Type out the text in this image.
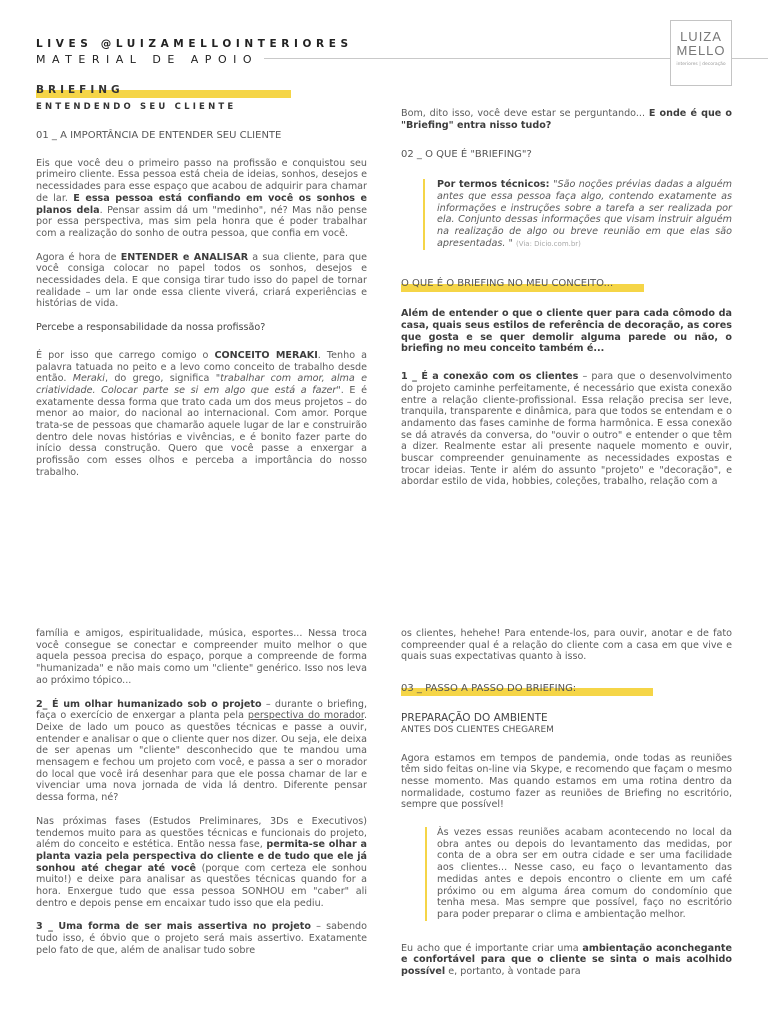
LIVES @LUIZAMELLOINTERIORES
MATERIAL DE APOIO
LUIZA
MELLO
interiores | decoração
BRIEFING
ENTENDENDO SEU CLIENTE

01 _ A IMPORTÂNCIA DE ENTENDER SEU CLIENTE

Eis que você deu o primeiro passo na profissão e conquistou seu primeiro cliente. Essa pessoa está cheia de ideias, sonhos, desejos e necessidades para esse espaço que acabou de adquirir para chamar de lar. E essa pessoa está confiando em você os sonhos e planos dela. Pensar assim dá um "medinho", né? Mas não pense por essa perspectiva, mas sim pela honra que é poder trabalhar com a realização do sonho de outra pessoa, que confia em você.

Agora é hora de ENTENDER e ANALISAR a sua cliente, para que você consiga colocar no papel todos os sonhos, desejos e necessidades dela. E que consiga tirar tudo isso do papel de tornar realidade – um lar onde essa cliente viverá, criará experiências e histórias de vida.

Percebe a responsabilidade da nossa profissão?

É por isso que carrego comigo o CONCEITO MERAKI. Tenho a palavra tatuada no peito e a levo como conceito de trabalho desde então. Meraki, do grego, significa "trabalhar com amor, alma e criatividade. Colocar parte se si em algo que está a fazer". E é exatamente dessa forma que trato cada um dos meus projetos – do menor ao maior, do nacional ao internacional. Com amor. Porque trata-se de pessoas que chamarão aquele lugar de lar e construirão dentro dele novas histórias e vivências, e é bonito fazer parte do início dessa construção. Quero que você passe a enxergar a profissão com esses olhos e perceba a importância do nosso trabalho.

Bom, dito isso, você deve estar se perguntando... E onde é que o "Briefing" entra nisso tudo?

02 _ O QUE É "BRIEFING"?

Por termos técnicos: "São noções prévias dadas a alguém antes que essa pessoa faça algo, contendo exatamente as informações e instruções sobre a tarefa a ser realizada por ela. Conjunto dessas informações que visam instruir alguém na realização de algo ou breve reunião em que elas são apresentadas. " (Via: Dicio.com.br)

O QUE É O BRIEFING NO MEU CONCEITO...

Além de entender o que o cliente quer para cada cômodo da casa, quais seus estilos de referência de decoração, as cores que gosta e se quer demolir alguma parede ou não, o briefing no meu conceito também é...

1 _ É a conexão com os clientes – para que o desenvolvimento do projeto caminhe perfeitamente, é necessário que exista conexão entre a relação cliente-profissional. Essa relação precisa ser leve, tranquila, transparente e dinâmica, para que todos se entendam e o andamento das fases caminhe de forma harmônica. E essa conexão se dá através da conversa, do "ouvir o outro" e entender o que têm a dizer. Realmente estar ali presente naquele momento e ouvir, buscar compreender genuinamente as necessidades expostas e trocar ideias. Tente ir além do assunto "projeto" e "decoração", e abordar estilo de vida, hobbies, coleções, trabalho, relação com a

família e amigos, espiritualidade, música, esportes... Nessa troca você consegue se conectar e compreender muito melhor o que aquela pessoa precisa do espaço, porque a compreende de forma "humanizada" e não mais como um "cliente" genérico. Isso nos leva ao próximo tópico...

2_ É um olhar humanizado sob o projeto – durante o briefing, faça o exercício de enxergar a planta pela perspectiva do morador. Deixe de lado um pouco as questões técnicas e passe a ouvir, entender e analisar o que o cliente quer nos dizer. Ou seja, ele deixa de ser apenas um "cliente" desconhecido que te mandou uma mensagem e fechou um projeto com você, e passa a ser o morador do local que você irá desenhar para que ele possa chamar de lar e vivenciar uma nova jornada de vida lá dentro. Diferente pensar dessa forma, né?

Nas próximas fases (Estudos Preliminares, 3Ds e Executivos) tendemos muito para as questões técnicas e funcionais do projeto, além do conceito e estética. Então nessa fase, permita-se olhar a planta vazia pela perspectiva do cliente e de tudo que ele já sonhou até chegar até você (porque com certeza ele sonhou muito!) e deixe para analisar as questões técnicas quando for a hora. Enxergue tudo que essa pessoa SONHOU em "caber" ali dentro e depois pense em encaixar tudo isso que ela pediu.

3 _ Uma forma de ser mais assertiva no projeto – sabendo tudo isso, é óbvio que o projeto será mais assertivo. Exatamente pelo fato de que, além de analisar tudo sobre

os clientes, hehehe! Para entende-los, para ouvir, anotar e de fato compreender qual é a relação do cliente com a casa em que vive e quais suas expectativas quanto à isso.

03 _ PASSO A PASSO DO BRIEFING:

PREPARAÇÃO DO AMBIENTE

ANTES DOS CLIENTES CHEGAREM

Agora estamos em tempos de pandemia, onde todas as reuniões têm sido feitas on-line via Skype, e recomendo que façam o mesmo nesse momento. Mas quando estamos em uma rotina dentro da normalidade, costumo fazer as reuniões de Briefing no escritório, sempre que possível!

Às vezes essas reuniões acabam acontecendo no local da obra antes ou depois do levantamento das medidas, por conta de a obra ser em outra cidade e ser uma facilidade aos clientes... Nesse caso, eu faço o levantamento das medidas antes e depois encontro o cliente em um café próximo ou em alguma área comum do condomínio que tenha mesa. Mas sempre que possível, faço no escritório para poder preparar o clima e ambientação melhor.

Eu acho que é importante criar uma ambientação aconchegante e confortável para que o cliente se sinta o mais acolhido possível e, portanto, à vontade para
